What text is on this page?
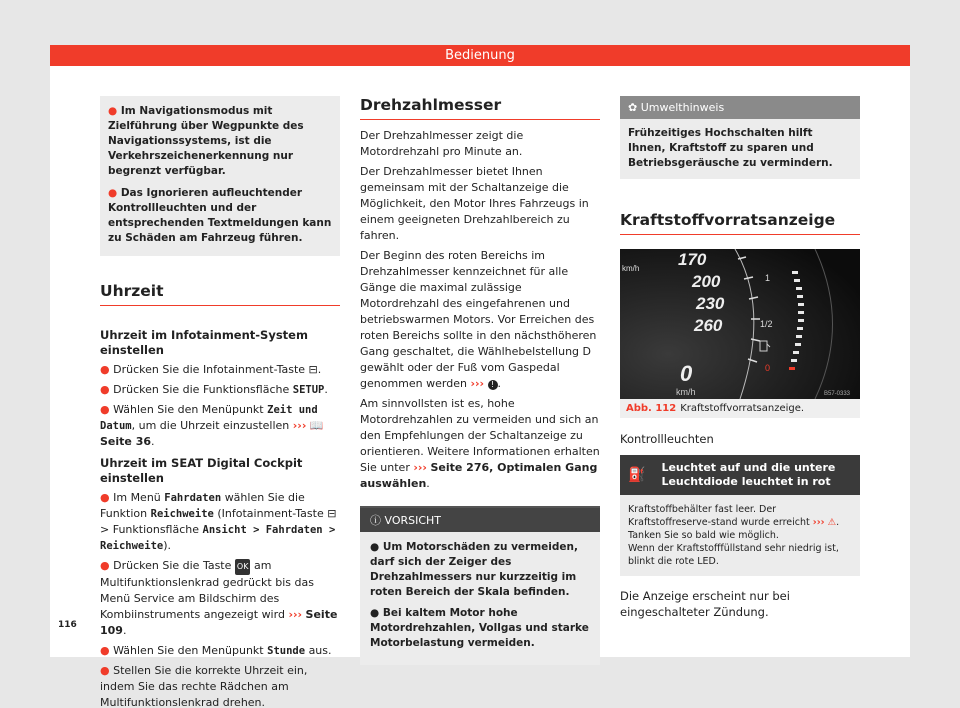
Bedienung

● Im Navigationsmodus mit Zielführung über Wegpunkte des Navigationssystems, ist die Verkehrszeichenerkennung nur begrenzt verfügbar.

● Das Ignorieren aufleuchtender Kontrollleuchten und der entsprechenden Textmeldungen kann zu Schäden am Fahrzeug führen.

Uhrzeit
Uhrzeit im Infotainment-System einstellen

● Drücken Sie die Infotainment-Taste ⊟.

● Drücken Sie die Funktionsfläche SETUP.

● Wählen Sie den Menüpunkt Zeit und Datum, um die Uhrzeit einzustellen ››› 📖 Seite 36.

Uhrzeit im SEAT Digital Cockpit einstellen

● Im Menü Fahrdaten wählen Sie die Funktion Reichweite (Infotainment-Taste ⊟ > Funktionsfläche Ansicht > Fahrdaten > Reichweite).

● Drücken Sie die Taste OK am Multifunktionslenkrad gedrückt bis das Menü Service am Bildschirm des Kombiinstruments angezeigt wird ››› Seite 109.

● Wählen Sie den Menüpunkt Stunde aus.

● Stellen Sie die korrekte Uhrzeit ein, indem Sie das rechte Rädchen am Multifunktionslenkrad drehen.

Drehzahlmesser

Der Drehzahlmesser zeigt die Motordrehzahl pro Minute an.

Der Drehzahlmesser bietet Ihnen gemeinsam mit der Schaltanzeige die Möglichkeit, den Motor Ihres Fahrzeugs in einem geeigneten Drehzahlbereich zu fahren.

Der Beginn des roten Bereichs im Drehzahlmesser kennzeichnet für alle Gänge die maximal zulässige Motordrehzahl des eingefahrenen und betriebswarmen Motors. Vor Erreichen des roten Bereichs sollte in den nächsthöheren Gang geschaltet, die Wählhebelstellung D gewählt oder der Fuß vom Gaspedal genommen werden ››› ! .

Am sinnvollsten ist es, hohe Motordrehzahlen zu vermeiden und sich an den Empfehlungen der Schaltanzeige zu orientieren. Weitere Informationen erhalten Sie unter ››› Seite 276, Optimalen Gang auswählen.

ⓘ VORSICHT

● Um Motorschäden zu vermeiden, darf sich der Zeiger des Drehzahlmessers nur kurzzeitig im roten Bereich der Skala befinden.

● Bei kaltem Motor hohe Motordrehzahlen, Vollgas und starke Motorbelastung vermeiden.

✿ Umwelthinweis
Frühzeitiges Hochschalten hilft Ihnen, Kraftstoff zu sparen und Betriebsgeräusche zu vermindern.
Kraftstoffvorratsanzeige
km/h 170
200
230
260
0
km/h
1
1/2
0
B57-0333
Abb. 112 Kraftstoffvorratsanzeige.
Kontrollleuchten
⛽ Leuchtet auf und die untere Leuchtdiode leuchtet in rot
Kraftstoffbehälter fast leer. Der Kraftstoffreserve-stand wurde erreicht ››› ⚠. Tanken Sie so bald wie möglich.
Wenn der Kraftstofffüllstand sehr niedrig ist, blinkt die rote LED.
Die Anzeige erscheint nur bei eingeschalteter Zündung.
116
